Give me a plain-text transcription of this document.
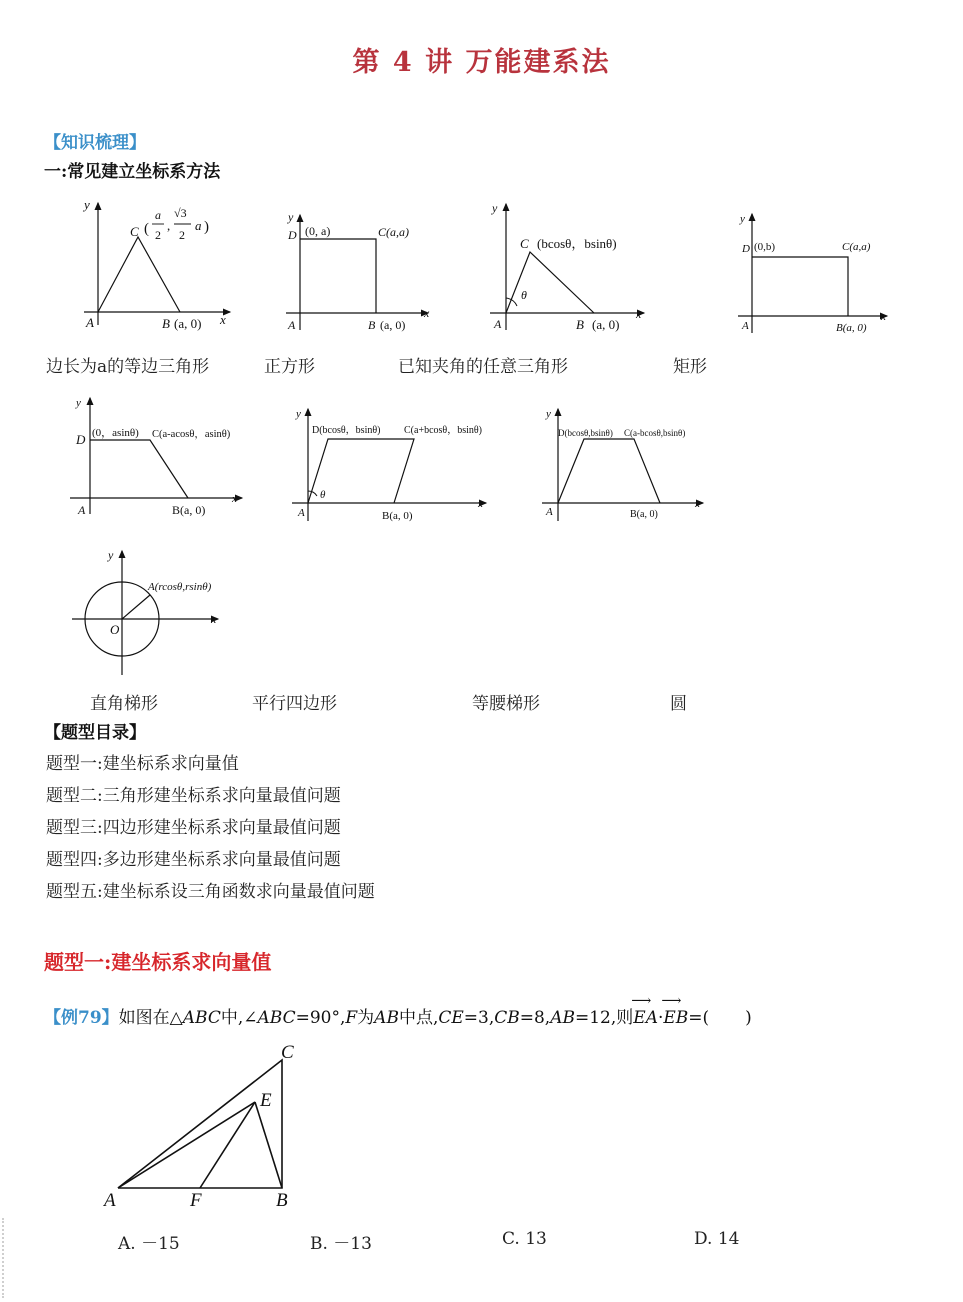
第 4 讲 万能建系法
【知识梳理】
一:常见建立坐标系方法
y
x
A	B (a, 0)
C (
a
2
,
√3
2
a )
y
x
A
D (0, a)	C(a,a)
B (a, 0)
y
x
A
θ
C (bcosθ，bsinθ)
B (a, 0)
y
x
A
D (0,b)	C(a,a)
B(a, 0)
边长为a的等边三角形	正方形	已知夹角的任意三角形	矩形
y
x
A
D (0，asinθ) C(a-acosθ，asinθ)
B(a, 0)
y
x
A
θ
D(bcosθ，bsinθ) C(a+bcosθ，bsinθ)
B(a, 0)
y
x
A
D(bcosθ,bsinθ) C(a-bcosθ,bsinθ)
B(a, 0)
y
x
O
A(rcosθ,rsinθ)
直角梯形	平行四边形	等腰梯形	圆
【题型目录】
题型一:建坐标系求向量值
题型二:三角形建坐标系求向量最值问题
题型三:四边形建坐标系求向量最值问题
题型四:多边形建坐标系求向量最值问题
题型五:建坐标系设三角函数求向量最值问题
题型一:建坐标系求向量值
【例79】如图在△ABC中,∠ABC=90°,F为AB中点,CE=3,CB=8,AB=12,则⟶ EA·⟶ EB=( )
A	F	B
C
E
A. －15	B. －13	C. 13	D. 14
